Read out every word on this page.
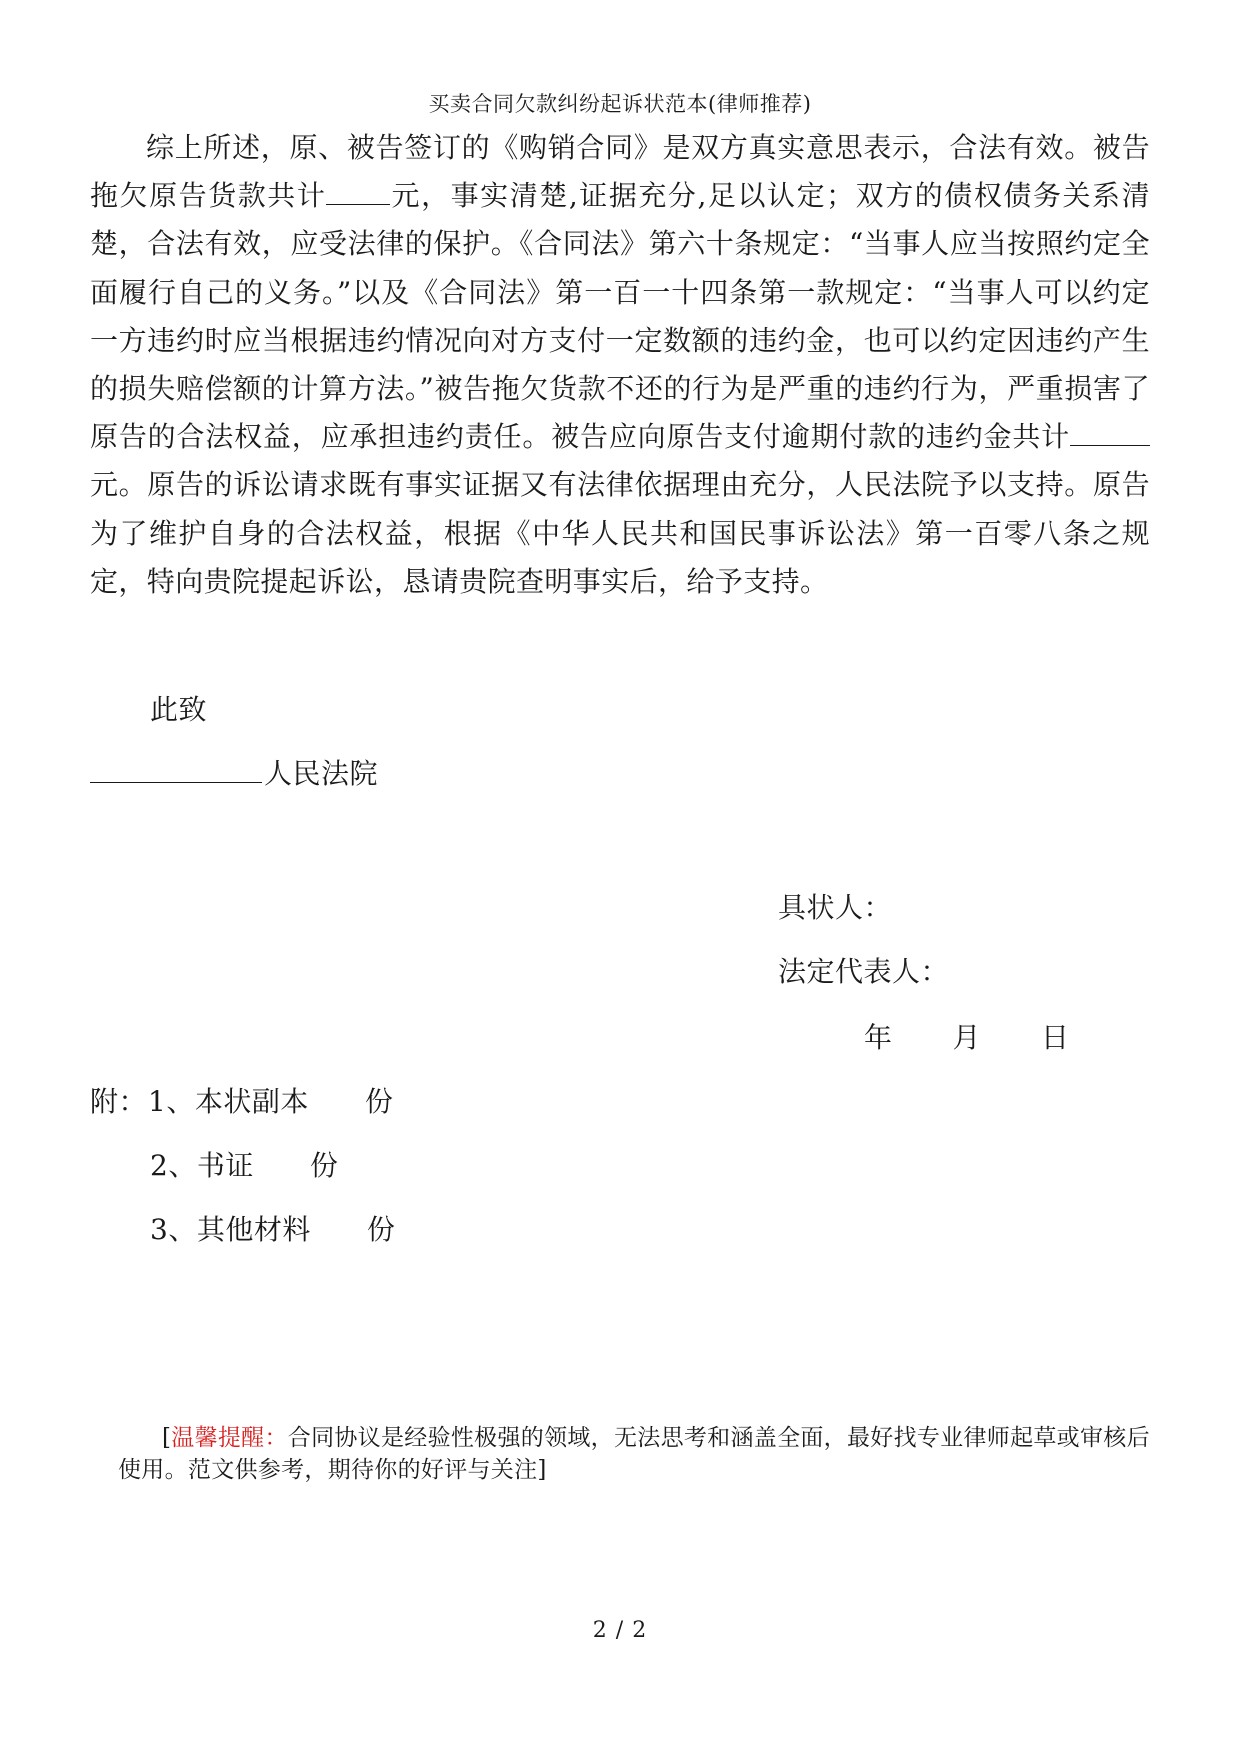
买卖合同欠款纠纷起诉状范本(律师推荐)

综上所述，原、被告签订的《购销合同》是双方真实意思表示，合法有效。被告拖欠原告货款共计 元，事实清楚,证据充分,足以认定；双方的债权债务关系清楚，合法有效，应受法律的保护。《合同法》第六十条规定：“当事人应当按照约定全面履行自己的义务。”以及《合同法》第一百一十四条第一款规定：“当事人可以约定一方违约时应当根据违约情况向对方支付一定数额的违约金，也可以约定因违约产生的损失赔偿额的计算方法。”被告拖欠货款不还的行为是严重的违约行为，严重损害了原告的合法权益，应承担违约责任。被告应向原告支付逾期付款的违约金共计元。原告的诉讼请求既有事实证据又有法律依据理由充分，人民法院予以支持。原告为了维护自身的合法权益，根据《中华人民共和国民事诉讼法》第一百零八条之规定，特向贵院提起诉讼，恳请贵院查明事实后，给予支持。

此致
人民法院
具状人：
法定代表人：
年 月 日
附： 1、本状副本 份
2、书证 份
3、其他材料 份

[温馨提醒：合同协议是经验性极强的领域，无法思考和涵盖全面，最好找专业律师起草或审核后使用。范文供参考，期待你的好评与关注]

2 / 2
